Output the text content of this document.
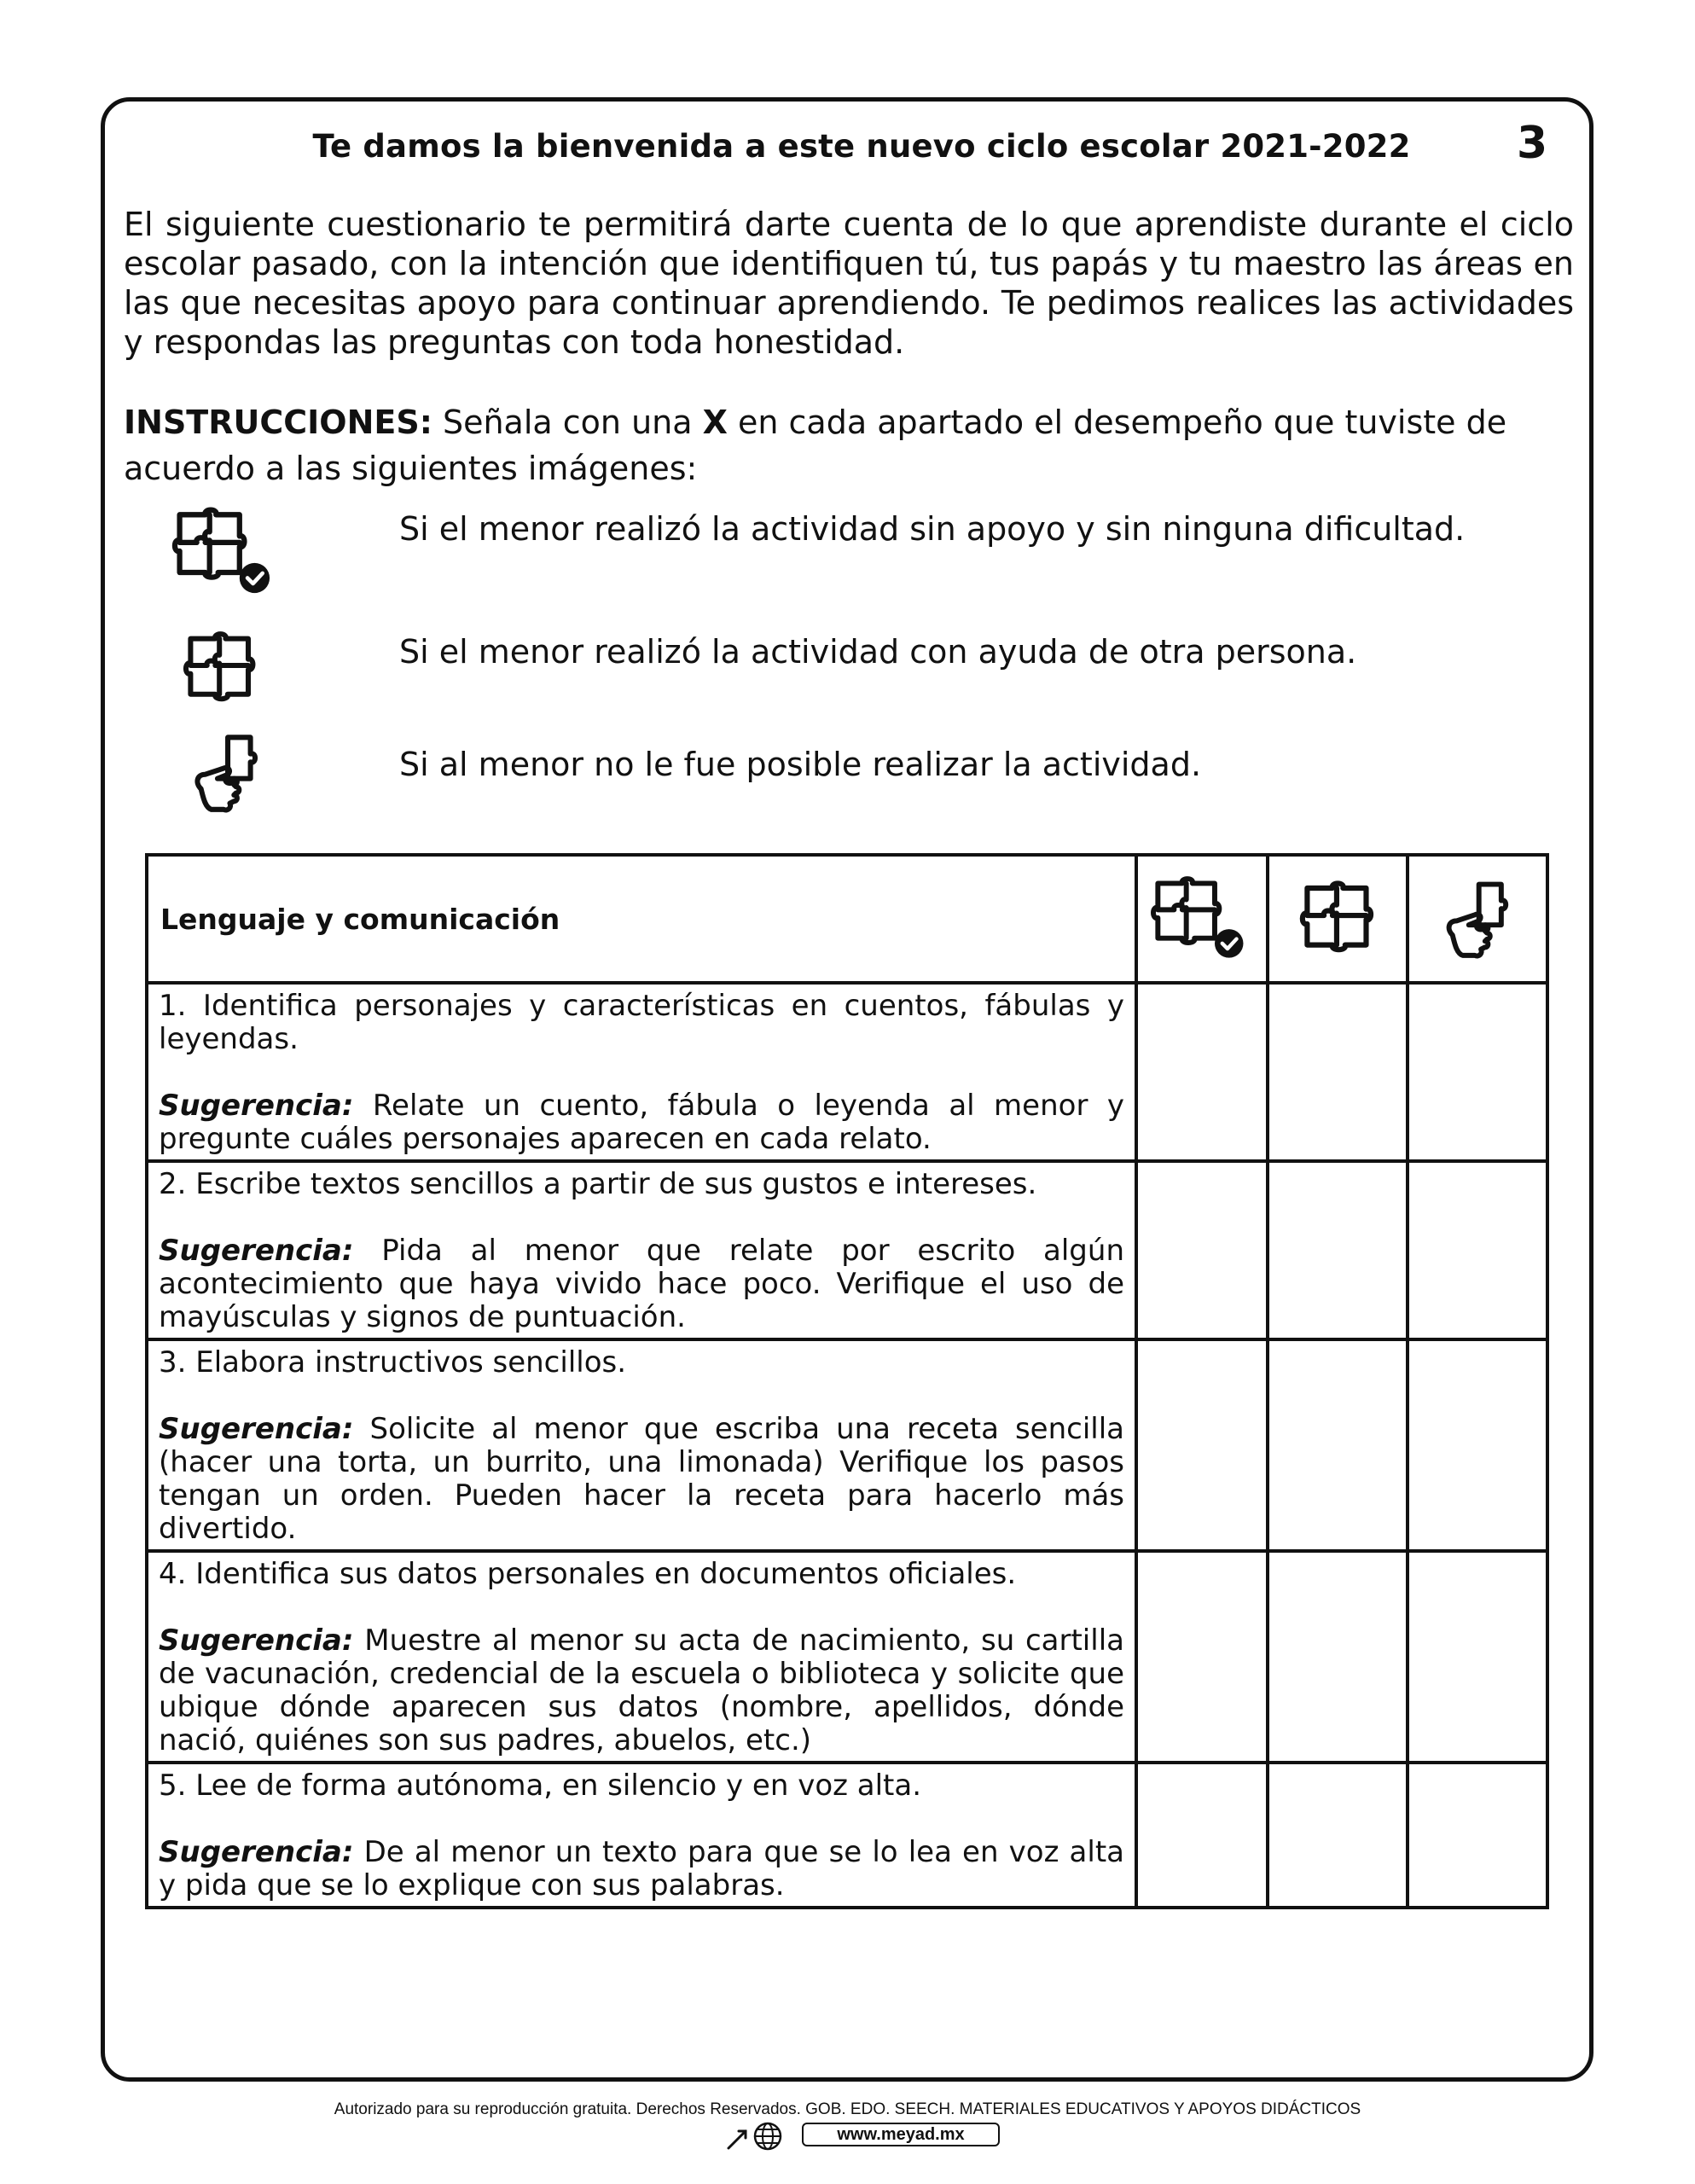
Te damos la bienvenida a este nuevo ciclo escolar 2021-2022 3
El siguiente cuestionario te permitirá darte cuenta de lo que aprendiste durante el ciclo escolar pasado, con la intención que identifiquen tú, tus papás y tu maestro las áreas en las que necesitas apoyo para continuar aprendiendo. Te pedimos realices las actividades y respondas las preguntas con toda honestidad.
INSTRUCCIONES: Señala con una X en cada apartado el desempeño que tuviste de acuerdo a las siguientes imágenes:
Si el menor realizó la actividad sin apoyo y sin ninguna dificultad.
Si el menor realizó la actividad con ayuda de otra persona.
Si al menor no le fue posible realizar la actividad.
Lenguaje y comunicación			

1. Identifica personajes y características en cuentos, fábulas y leyendas.

Sugerencia: Relate un cuento, fábula o leyenda al menor y pregunte cuáles personajes aparecen en cada relato.			

2. Escribe textos sencillos a partir de sus gustos e intereses.

Sugerencia: Pida al menor que relate por escrito algún acontecimiento que haya vivido hace poco. Verifique el uso de mayúsculas y signos de puntuación.			

3. Elabora instructivos sencillos.

Sugerencia: Solicite al menor que escriba una receta sencilla (hacer una torta, un burrito, una limonada) Verifique los pasos tengan un orden. Pueden hacer la receta para hacerlo más divertido.			

4. Identifica sus datos personales en documentos oficiales.

Sugerencia: Muestre al menor su acta de nacimiento, su cartilla de vacunación, credencial de la escuela o biblioteca y solicite que ubique dónde aparecen sus datos (nombre, apellidos, dónde nació, quiénes son sus padres, abuelos, etc.)			

5. Lee de forma autónoma, en silencio y en voz alta.

Sugerencia: De al menor un texto para que se lo lea en voz alta y pida que se lo explique con sus palabras.			

Autorizado para su reproducción gratuita. Derechos Reservados. GOB. EDO. SEECH. MATERIALES EDUCATIVOS Y APOYOS DIDÁCTICOS
www.meyad.mx
